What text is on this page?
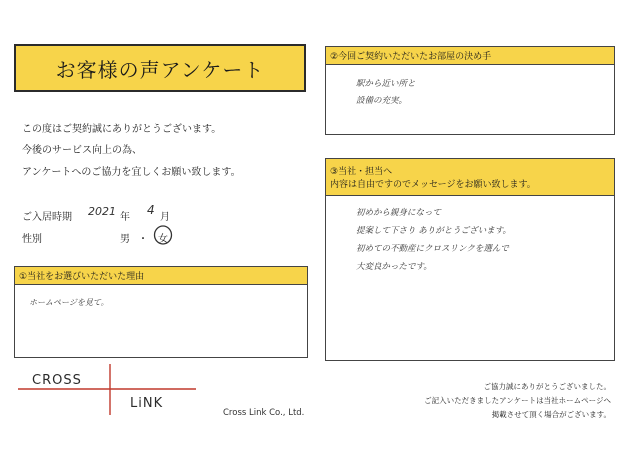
お客様の声アンケート
この度はご契約誠にありがとうございます。
今後のサービス向上の為、
アンケートへのご協力を宜しくお願い致します。
ご入居時期 2021 年
4
月
性別	男 ・ 女
①当社をお選びいただいた理由
ホームページを見て。
②今回ご契約いただいたお部屋の決め手
駅から近い所と
設備の充実。
③当社・担当へ
内容は自由ですのでメッセージをお願い致します。
初めから親身になって
提案して下さり ありがとうございます。
初めての不動産にクロスリンクを選んで
大変良かったです。
CROSS
LiNK
Cross Link Co., Ltd.
ご協力誠にありがとうございました。
ご記入いただきましたアンケートは当社ホームページへ
掲載させて頂く場合がございます。
